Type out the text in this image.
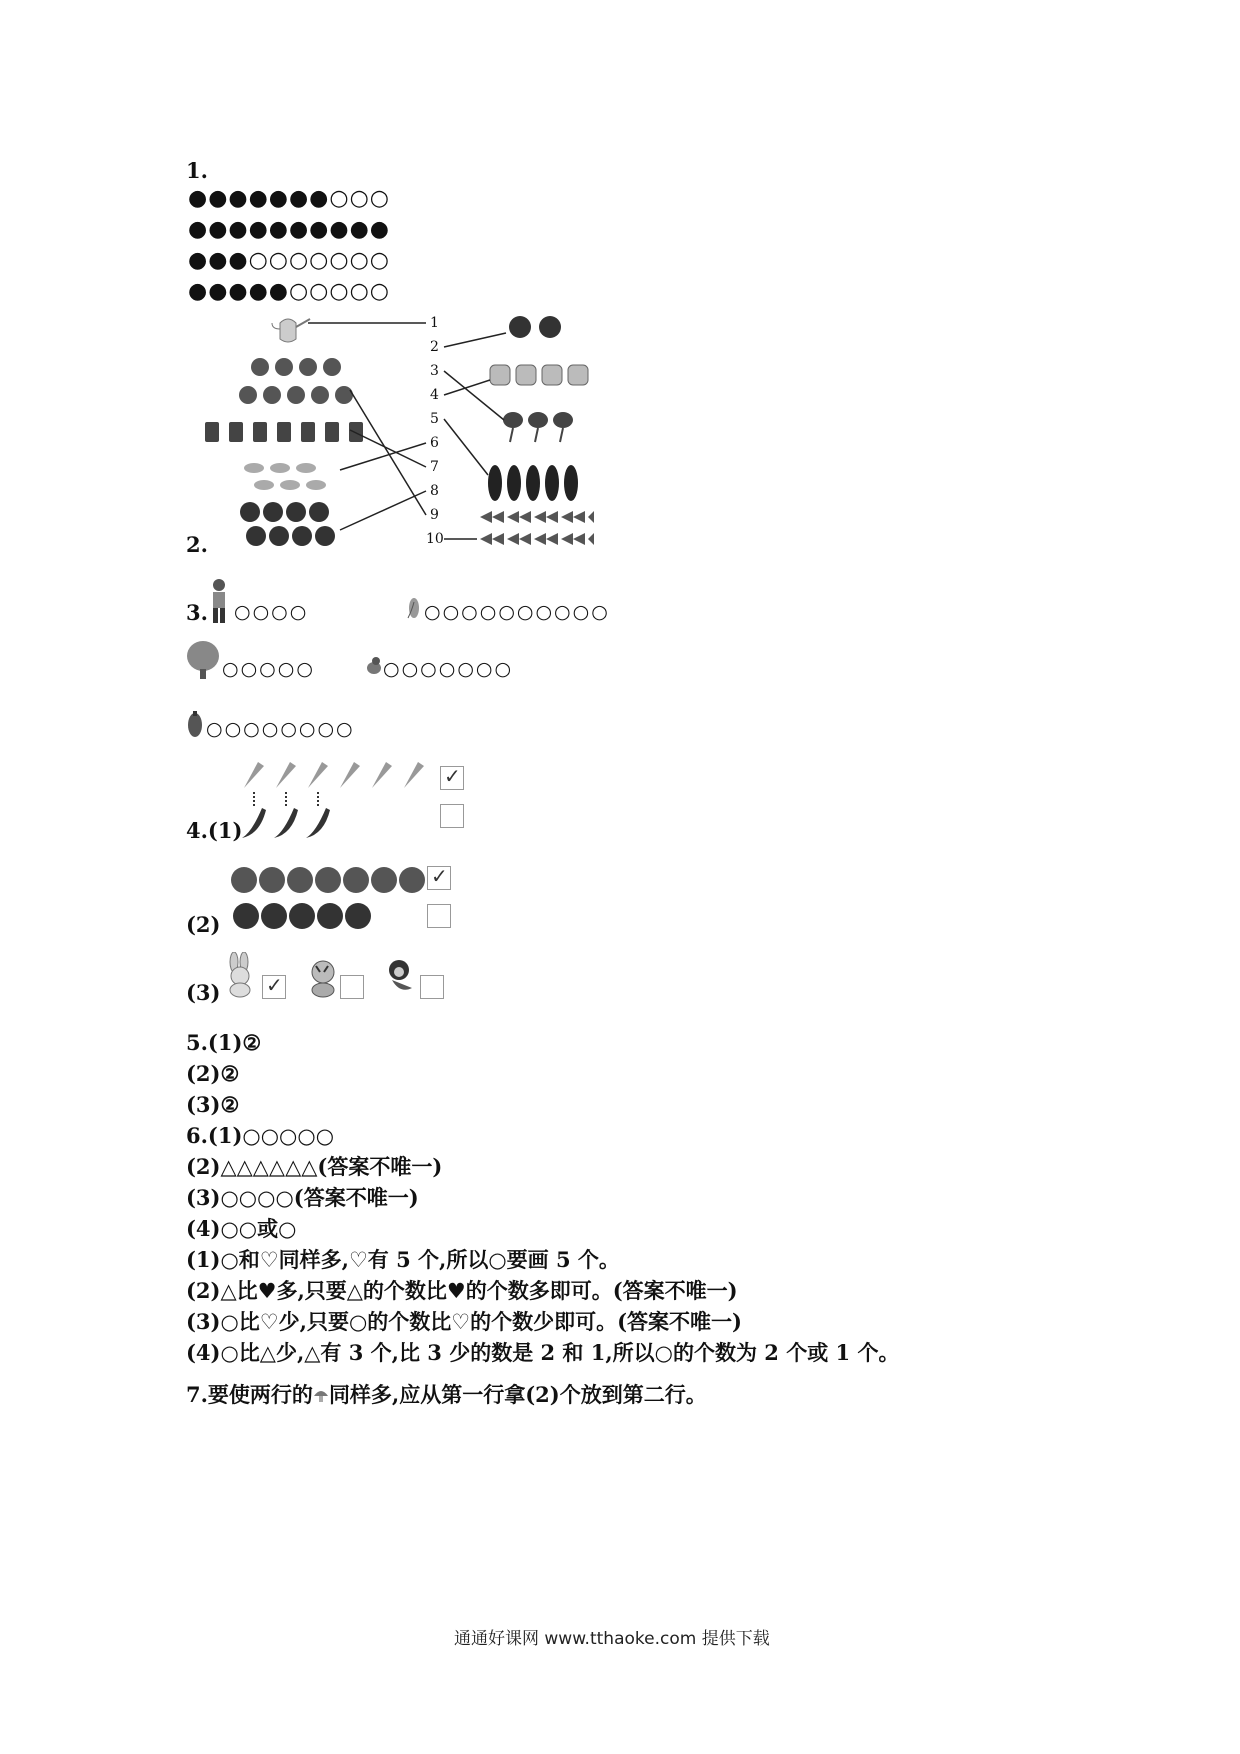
1.
●●●●●●●○○○
●●●●●●●●●●
●●●○○○○○○○
●●●●●○○○○○
2.
1
2
3
4
5
6
7
8
9
10
3. ○○○○	○○○○○○○○○○
○○○○○	○○○○○○○
○○○○○○○○
4.(1)
✓
(2)
✓
(3) ✓
5.(1)②
(2)②
(3)②
6.(1)○○○○○
(2)△△△△△△(答案不唯一)
(3)○○○○(答案不唯一)
(4)○○或○
(1)○和♡同样多,♡有 5 个,所以○要画 5 个。
(2)△比♥多,只要△的个数比♥的个数多即可。(答案不唯一)
(3)○比♡少,只要○的个数比♡的个数少即可。(答案不唯一)
(4)○比△少,△有 3 个,比 3 少的数是 2 和 1,所以○的个数为 2 个或 1 个。
7.要使两行的 同样多,应从第一行拿(2)个放到第二行。
通通好课网 www.tthaoke.com 提供下载
